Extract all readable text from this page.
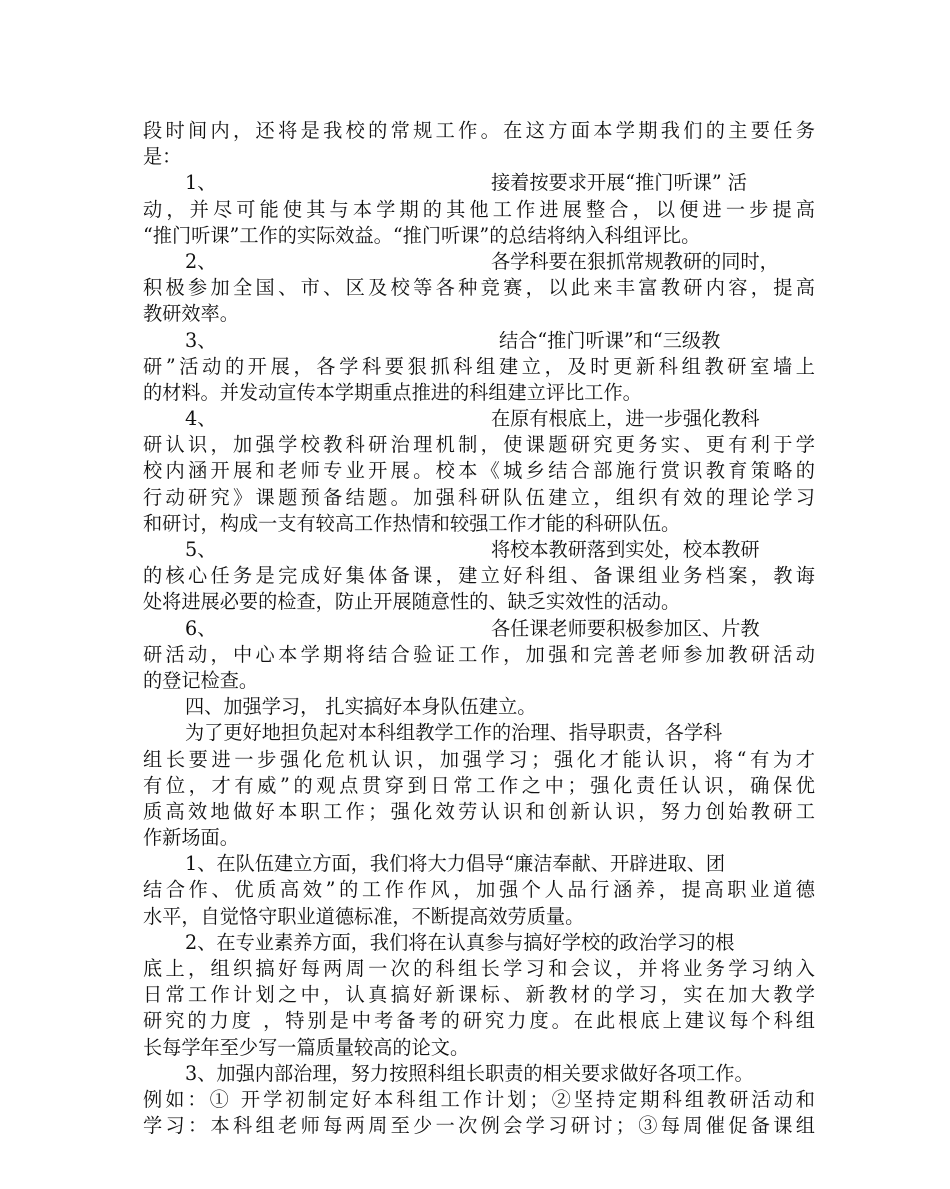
段时间内，还将是我校的常规工作。在这方面本学期我们的主要任务
是：
1、	接着按要求开展“推门听课” 活
动，并尽可能使其与本学期的其他工作进展整合，以便进一步提高
“推门听课”工作的实际效益。“推门听课”的总结将纳入科组评比。
2、	各学科要在狠抓常规教研的同时，
积极参加全国、市、区及校等各种竞赛，以此来丰富教研内容，提高
教研效率。
3、	结合“推门听课”和“三级教
研”活动的开展，各学科要狠抓科组建立，及时更新科组教研室墙上
的材料。并发动宣传本学期重点推进的科组建立评比工作。
4、	在原有根底上，进一步强化教科
研认识，加强学校教科研治理机制，使课题研究更务实、更有利于学
校内涵开展和老师专业开展。校本《城乡结合部施行赏识教育策略的
行动研究》课题预备结题。加强科研队伍建立，组织有效的理论学习
和研讨，构成一支有较高工作热情和较强工作才能的科研队伍。
5、	将校本教研落到实处，校本教研
的核心任务是完成好集体备课，建立好科组、备课组业务档案，教诲
处将进展必要的检查，防止开展随意性的、缺乏实效性的活动。
6、	各任课老师要积极参加区、片教
研活动，中心本学期将结合验证工作，加强和完善老师参加教研活动
的登记检查。
四、加强学习， 扎实搞好本身队伍建立。
为了更好地担负起对本科组教学工作的治理、指导职责，各学科
组长要进一步强化危机认识，加强学习；强化才能认识，将“有为才
有位，才有威”的观点贯穿到日常工作之中；强化责任认识，确保优
质高效地做好本职工作；强化效劳认识和创新认识，努力创始教研工
作新场面。
1、在队伍建立方面，我们将大力倡导“廉洁奉献、开辟进取、团
结合作、优质高效”的工作作风，加强个人品行涵养，提高职业道德
水平，自觉恪守职业道德标准，不断提高效劳质量。
2、在专业素养方面，我们将在认真参与搞好学校的政治学习的根
底上，组织搞好每两周一次的科组长学习和会议，并将业务学习纳入
日常工作计划之中，认真搞好新课标、新教材的学习，实在加大教学
研究的力度 ，特别是中考备考的研究力度。在此根底上建议每个科组
长每学年至少写一篇质量较高的论文。
3、加强内部治理，努力按照科组长职责的相关要求做好各项工作。
例如：① 开学初制定好本科组工作计划；②坚持定期科组教研活动和
学习：本科组老师每两周至少一次例会学习研讨；③每周催促备课组
